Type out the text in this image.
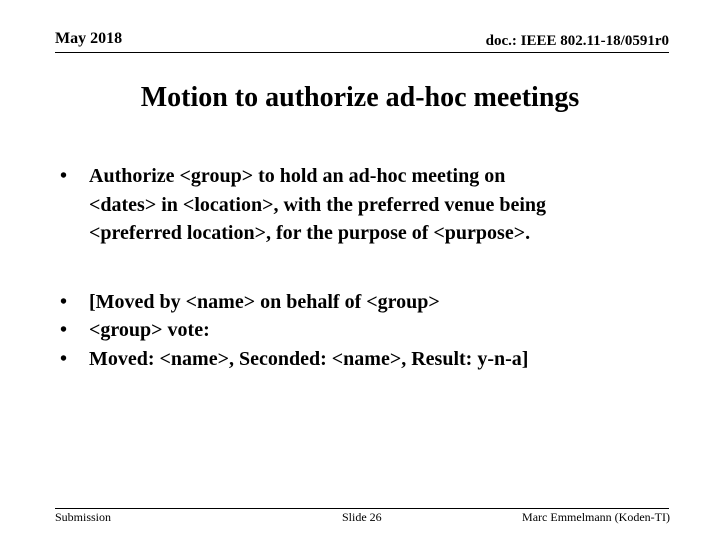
May 2018	doc.: IEEE 802.11-18/0591r0
Motion to authorize ad-hoc meetings
• Authorize <group> to hold an ad-hoc meeting on
<dates> in <location>, with the preferred venue being
<preferred location>, for the purpose of <purpose>.
• [Moved by <name> on behalf of <group>
• <group> vote:
• Moved: <name>, Seconded: <name>, Result: y-n-a]
Submission	Slide 26	Marc Emmelmann (Koden-TI)
